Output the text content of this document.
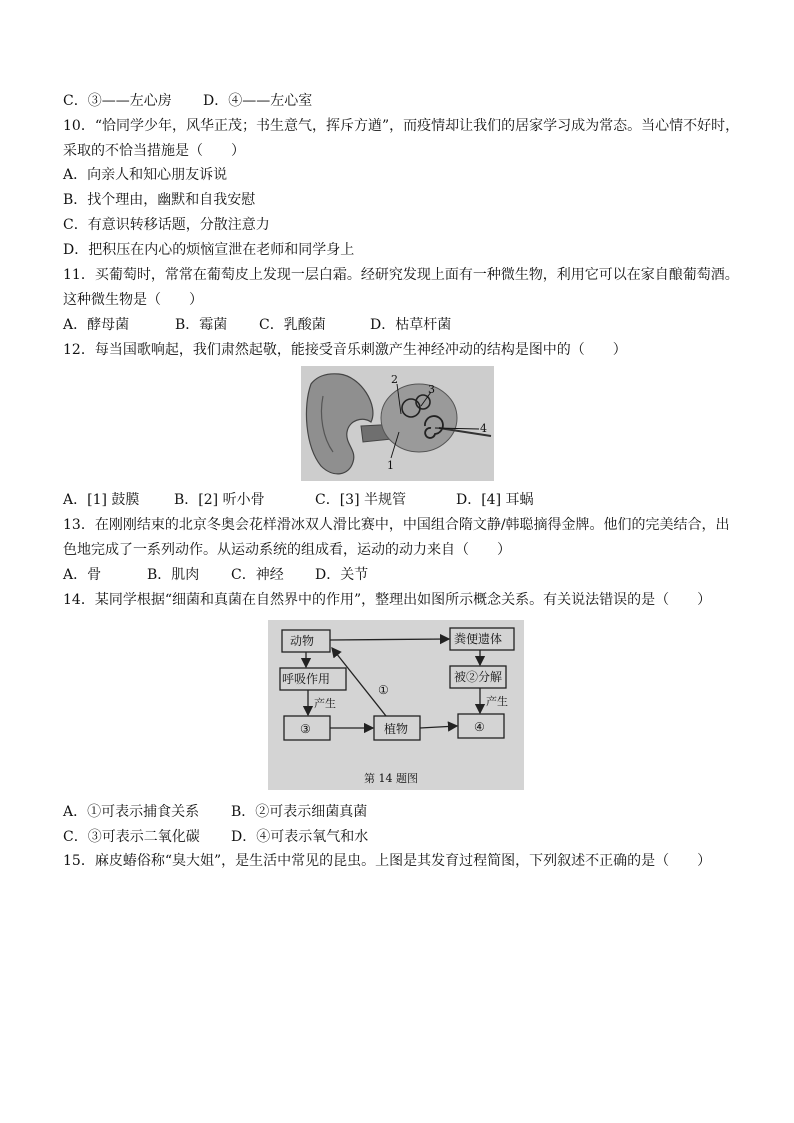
C．③——左心房 D．④——左心室
10．“恰同学少年，风华正茂；书生意气，挥斥方遒”，而疫情却让我们的居家学习成为常态。当心情不好时，
采取的不恰当措施是（　　）
A．向亲人和知心朋友诉说
B．找个理由，幽默和自我安慰
C．有意识转移话题，分散注意力
D．把积压在内心的烦恼宣泄在老师和同学身上
11．买葡萄时，常常在葡萄皮上发现一层白霜。经研究发现上面有一种微生物，利用它可以在家自酿葡萄酒。
这种微生物是（　　）
A．酵母菌	B．霉菌 C．乳酸菌	D．枯草杆菌
12．每当国歌响起，我们肃然起敬，能接受音乐刺激产生神经冲动的结构是图中的（　　）
2
3
4
1
A．[1] 鼓膜 B．[2] 听小骨	C．[3] 半规管	D．[4] 耳蜗
13．在刚刚结束的北京冬奥会花样滑冰双人滑比赛中，中国组合隋文静/韩聪摘得金牌。他们的完美结合，出
色地完成了一系列动作。从运动系统的组成看，运动的动力来自（　　）
A．骨	B．肌肉 C．神经 D．关节
14．某同学根据“细菌和真菌在自然界中的作用”，整理出如图所示概念关系。有关说法错误的是（　　）
动物	粪便遗体
呼吸作用	被②分解
产生	产生
①
③	植物	④
第 14 题图
A．①可表示捕食关系 B．②可表示细菌真菌
C．③可表示二氧化碳 D．④可表示氧气和水
15．麻皮蝽俗称“臭大姐”，是生活中常见的昆虫。上图是其发育过程简图，下列叙述不正确的是（　　）
